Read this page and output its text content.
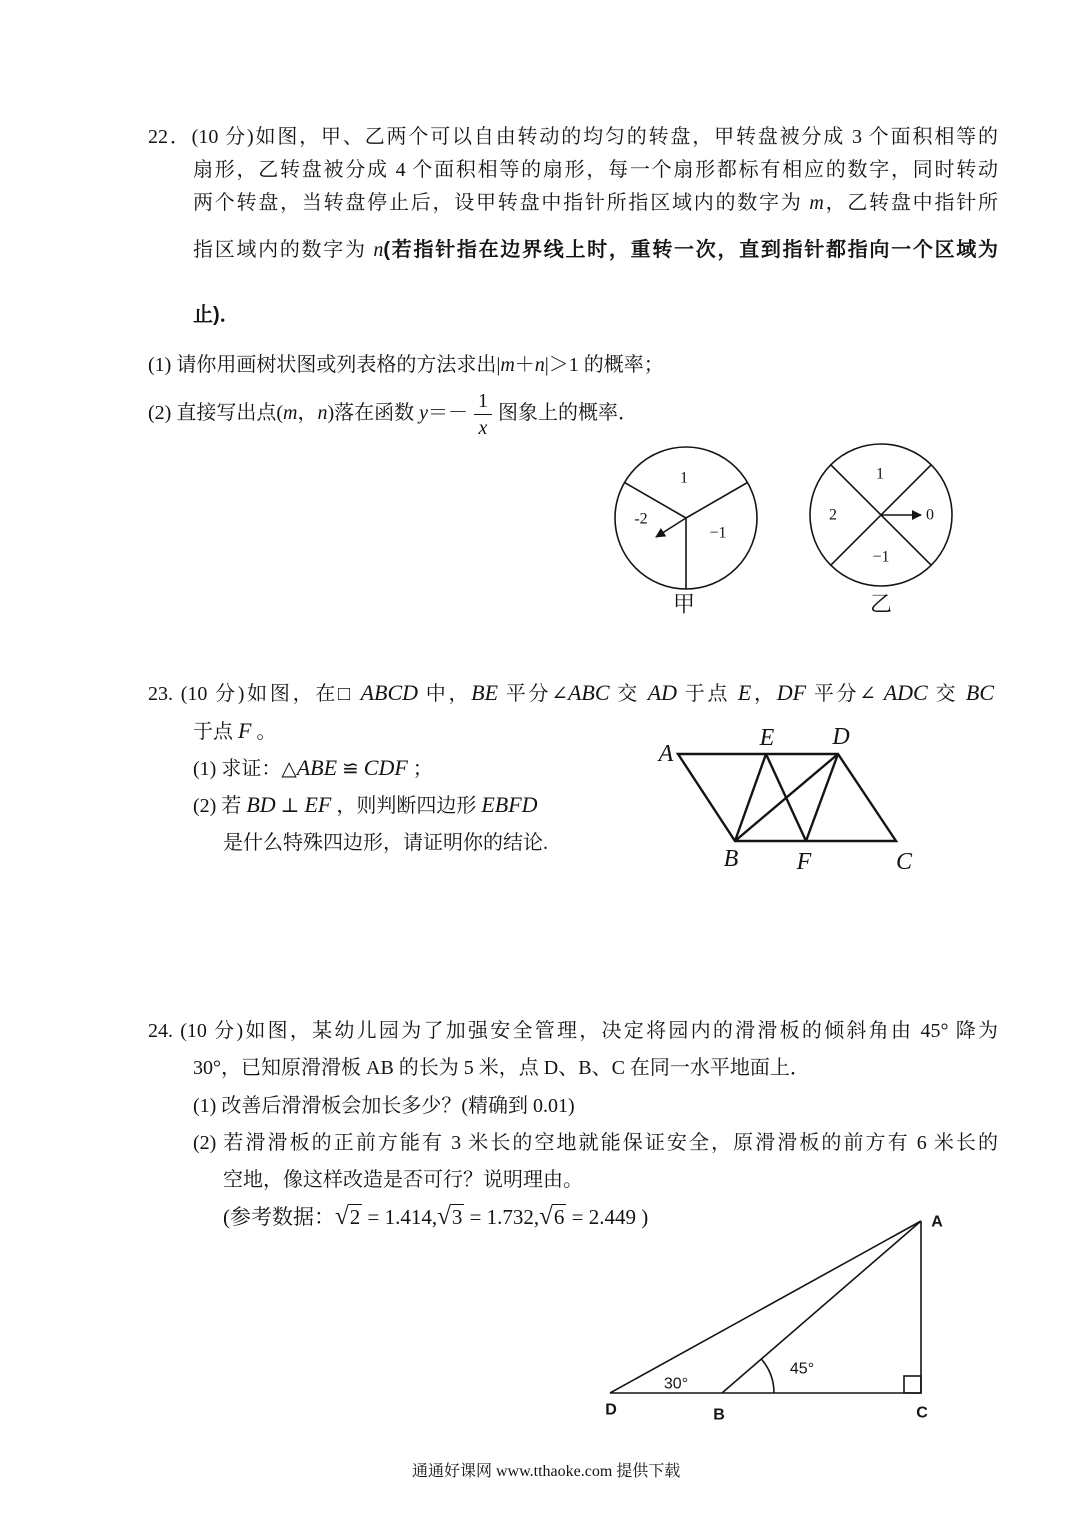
22．(10 分)如图，甲、乙两个可以自由转动的均匀的转盘，甲转盘被分成 3 个面积相等的
扇形，乙转盘被分成 4 个面积相等的扇形，每一个扇形都标有相应的数字，同时转动
两个转盘，当转盘停止后，设甲转盘中指针所指区域内的数字为 m，乙转盘中指针所
指区域内的数字为 n(若指针指在边界线上时，重转一次，直到指针都指向一个区域为
止)．
(1) 请你用画树状图或列表格的方法求出|m＋n|＞1 的概率；
(2) 直接写出点(m，n)落在函数 $y=- \frac{1}{x}$ 图象上的概率．
1
-2
−1
甲
1
2	0
−1
乙
23. (10 分)如图，在□ ABCD 中，BE 平分∠ABC 交 AD 于点 E，DF 平分∠ ADC 交 BC
于点 F 。
(1) 求证：△ABE ≌ CDF ；
(2) 若 BD ⊥ EF ，则判断四边形 EBFD
是什么特殊四边形，请证明你的结论.
A
E D
B F	C
24. (10 分)如图，某幼儿园为了加强安全管理，决定将园内的滑滑板的倾斜角由 45° 降为
30°，已知原滑滑板 AB 的长为 5 米，点 D、B、C 在同一水平地面上．
(1) 改善后滑滑板会加长多少？(精确到 0.01)
(2) 若滑滑板的正前方能有 3 米长的空地就能保证安全，原滑滑板的前方有 6 米长的
空地，像这样改造是否可行？说明理由。
(参考数据：√2 = 1.414,√3 = 1.732,√6 = 2.449 )	A
D	B	C
30°
45°
通通好课网 www.tthaoke.com 提供下载
